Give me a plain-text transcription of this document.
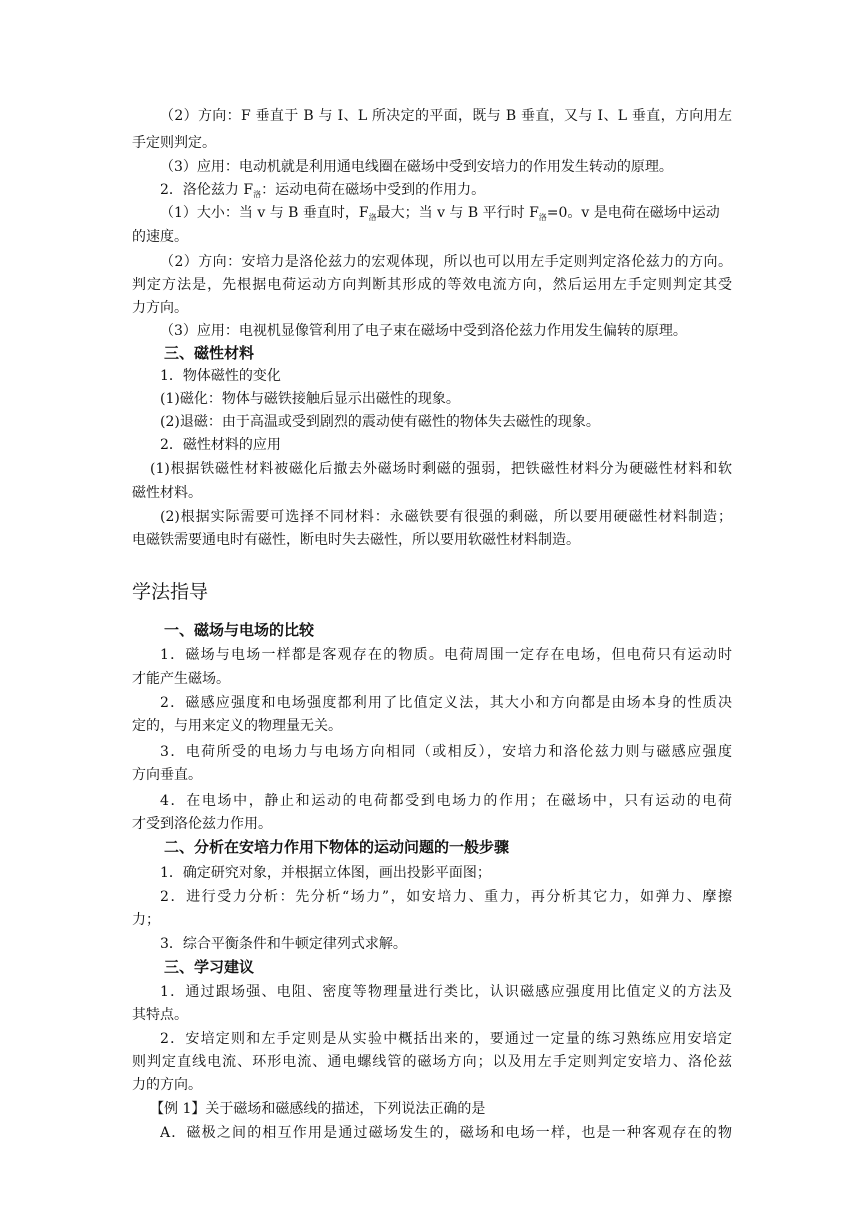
（2）方向：F 垂直于 B 与 I、L 所决定的平面，既与 B 垂直，又与 I、L 垂直，方向用左
手定则判定。
（3）应用：电动机就是利用通电线圈在磁场中受到安培力的作用发生转动的原理。
2．洛伦兹力 $F_洛$：运动电荷在磁场中受到的作用力。
（1）大小：当 v 与 B 垂直时，$F_洛$最大；当 v 与 B 平行时 $F_洛=0$。v 是电荷在磁场中运动
的速度。
（2）方向：安培力是洛伦兹力的宏观体现，所以也可以用左手定则判定洛伦兹力的方向。
判定方法是，先根据电荷运动方向判断其形成的等效电流方向，然后运用左手定则判定其受
力方向。
（3）应用：电视机显像管利用了电子束在磁场中受到洛伦兹力作用发生偏转的原理。
三、磁性材料
1．物体磁性的变化
(1)磁化：物体与磁铁接触后显示出磁性的现象。
(2)退磁：由于高温或受到剧烈的震动使有磁性的物体失去磁性的现象。
2．磁性材料的应用
(1)根据铁磁性材料被磁化后撤去外磁场时剩磁的强弱，把铁磁性材料分为硬磁性材料和软
磁性材料。
(2)根据实际需要可选择不同材料：永磁铁要有很强的剩磁，所以要用硬磁性材料制造；
电磁铁需要通电时有磁性，断电时失去磁性，所以要用软磁性材料制造。
学法指导
一、磁场与电场的比较
1．磁场与电场一样都是客观存在的物质。电荷周围一定存在电场，但电荷只有运动时
才能产生磁场。
2．磁感应强度和电场强度都利用了比值定义法，其大小和方向都是由场本身的性质决
定的，与用来定义的物理量无关。
3．电荷所受的电场力与电场方向相同（或相反），安培力和洛伦兹力则与磁感应强度
方向垂直。
4．在电场中，静止和运动的电荷都受到电场力的作用；在磁场中，只有运动的电荷
才受到洛伦兹力作用。
二、分析在安培力作用下物体的运动问题的一般步骤
1．确定研究对象，并根据立体图，画出投影平面图；
2．进行受力分析：先分析“场力”，如安培力、重力，再分析其它力，如弹力、摩擦
力；
3．综合平衡条件和牛顿定律列式求解。
三、学习建议
1．通过跟场强、电阻、密度等物理量进行类比，认识磁感应强度用比值定义的方法及
其特点。
2．安培定则和左手定则是从实验中概括出来的，要通过一定量的练习熟练应用安培定
则判定直线电流、环形电流、通电螺线管的磁场方向；以及用左手定则判定安培力、洛伦兹
力的方向。
【例 1】关于磁场和磁感线的描述，下列说法正确的是
A．磁极之间的相互作用是通过磁场发生的，磁场和电场一样，也是一种客观存在的物
